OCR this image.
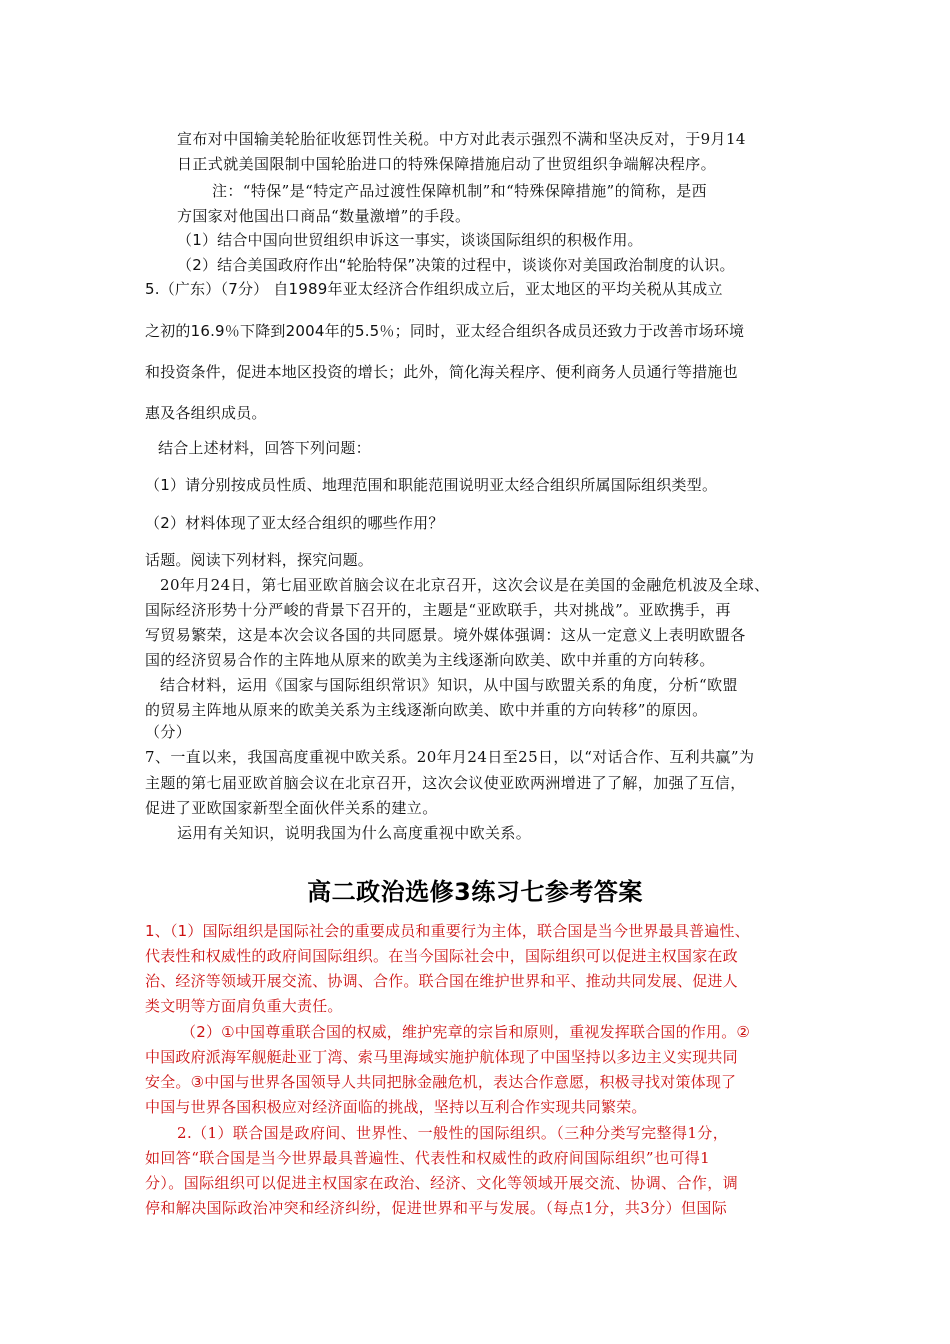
宣布对中国输美轮胎征收惩罚性关税。中方对此表示强烈不满和坚决反对，于9月14
日正式就美国限制中国轮胎进口的特殊保障措施启动了世贸组织争端解决程序。
注：“特保”是“特定产品过渡性保障机制”和“特殊保障措施”的简称，是西
方国家对他国出口商品“数量激增”的手段。
（1）结合中国向世贸组织申诉这一事实，谈谈国际组织的积极作用。
（2）结合美国政府作出“轮胎特保”决策的过程中，谈谈你对美国政治制度的认识。
5.（广东）（7分） 自1989年亚太经济合作组织成立后，亚太地区的平均关税从其成立
之初的16.9％下降到2004年的5.5％；同时，亚太经合组织各成员还致力于改善市场环境
和投资条件，促进本地区投资的增长；此外，简化海关程序、便利商务人员通行等措施也
惠及各组织成员。
结合上述材料，回答下列问题：
（1）请分别按成员性质、地理范围和职能范围说明亚太经合组织所属国际组织类型。
（2）材料体现了亚太经合组织的哪些作用？
话题。阅读下列材料，探究问题。
20年月24日，第七届亚欧首脑会议在北京召开，这次会议是在美国的金融危机波及全球、
国际经济形势十分严峻的背景下召开的，主题是“亚欧联手，共对挑战”。亚欧携手，再
写贸易繁荣，这是本次会议各国的共同愿景。境外媒体强调：这从一定意义上表明欧盟各
国的经济贸易合作的主阵地从原来的欧美为主线逐渐向欧美、欧中并重的方向转移。
结合材料，运用《国家与国际组织常识》知识，从中国与欧盟关系的角度，分析“欧盟
的贸易主阵地从原来的欧美关系为主线逐渐向欧美、欧中并重的方向转移”的原因。
（分）
7、一直以来，我国高度重视中欧关系。20年月24日至25日，以“对话合作、互利共赢”为
主题的第七届亚欧首脑会议在北京召开，这次会议使亚欧两洲增进了了解，加强了互信，
促进了亚欧国家新型全面伙伴关系的建立。
运用有关知识，说明我国为什么高度重视中欧关系。
高二政治选修3练习七参考答案
1、（1）国际组织是国际社会的重要成员和重要行为主体，联合国是当今世界最具普遍性、
代表性和权威性的政府间国际组织。在当今国际社会中，国际组织可以促进主权国家在政
治、经济等领域开展交流、协调、合作。联合国在维护世界和平、推动共同发展、促进人
类文明等方面肩负重大责任。
（2）①中国尊重联合国的权威，维护宪章的宗旨和原则，重视发挥联合国的作用。②
中国政府派海军舰艇赴亚丁湾、索马里海域实施护航体现了中国坚持以多边主义实现共同
安全。③中国与世界各国领导人共同把脉金融危机，表达合作意愿，积极寻找对策体现了
中国与世界各国积极应对经济面临的挑战，坚持以互利合作实现共同繁荣。
2.（1）联合国是政府间、世界性、一般性的国际组织。（三种分类写完整得1分，
如回答“联合国是当今世界最具普遍性、代表性和权威性的政府间国际组织”也可得1
分）。国际组织可以促进主权国家在政治、经济、文化等领域开展交流、协调、合作，调
停和解决国际政治冲突和经济纠纷，促进世界和平与发展。（每点1分，共3分）但国际
